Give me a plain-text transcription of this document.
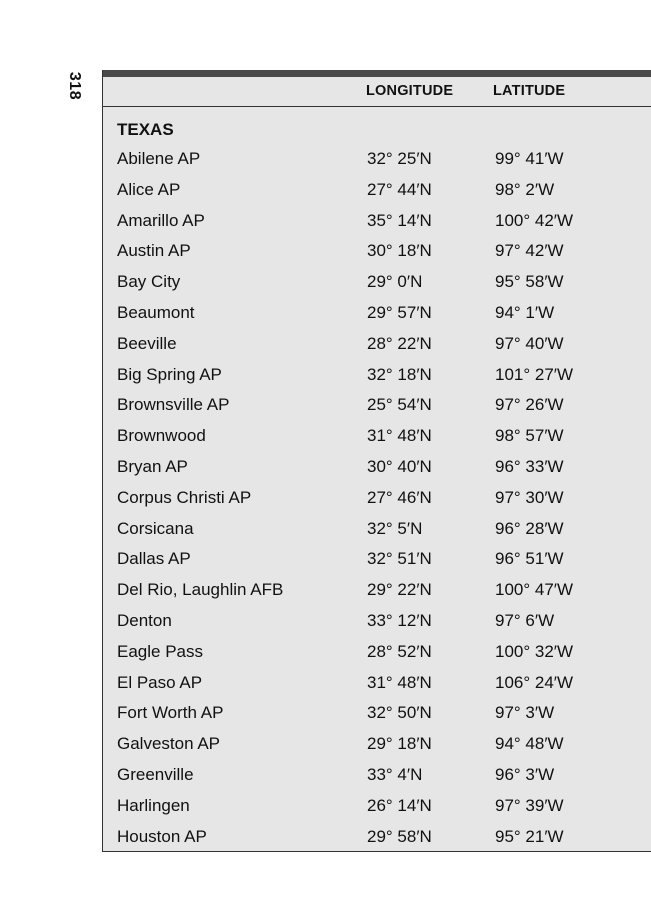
318	LONGITUDE	LATITUDE
TEXAS
Abilene AP	32° 25′N	99° 41′W
Alice AP	27° 44′N	98° 2′W
Amarillo AP	35° 14′N	100° 42′W
Austin AP	30° 18′N	97° 42′W
Bay City	29° 0′N	95° 58′W
Beaumont	29° 57′N	94° 1′W
Beeville	28° 22′N	97° 40′W
Big Spring AP	32° 18′N	101° 27′W
Brownsville AP	25° 54′N	97° 26′W
Brownwood	31° 48′N	98° 57′W
Bryan AP	30° 40′N	96° 33′W
Corpus Christi AP	27° 46′N	97° 30′W
Corsicana	32° 5′N	96° 28′W
Dallas AP	32° 51′N	96° 51′W
Del Rio, Laughlin AFB	29° 22′N	100° 47′W
Denton	33° 12′N	97° 6′W
Eagle Pass	28° 52′N	100° 32′W
El Paso AP	31° 48′N	106° 24′W
Fort Worth AP	32° 50′N	97° 3′W
Galveston AP	29° 18′N	94° 48′W
Greenville	33° 4′N	96° 3′W
Harlingen	26° 14′N	97° 39′W
Houston AP	29° 58′N	95° 21′W
